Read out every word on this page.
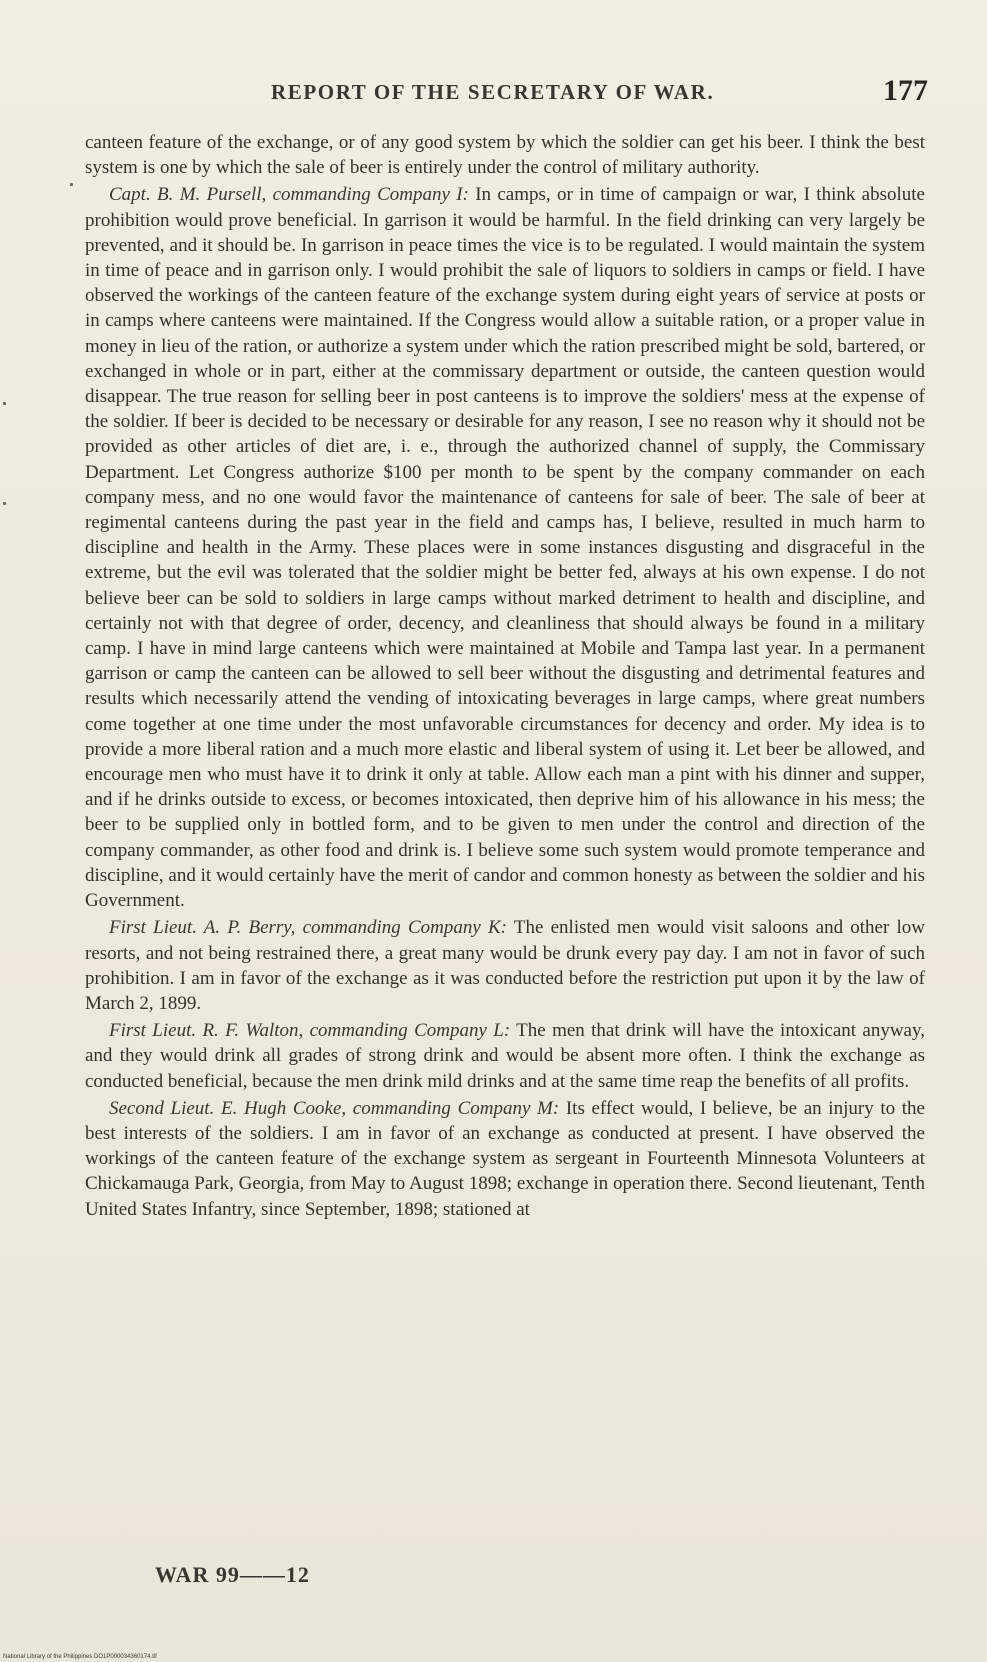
REPORT OF THE SECRETARY OF WAR.	177

canteen feature of the exchange, or of any good system by which the soldier can get his beer. I think the best system is one by which the sale of beer is entirely under the control of military authority.

Capt. B. M. Pursell, commanding Company I: In camps, or in time of campaign or war, I think absolute prohibition would prove beneficial. In garrison it would be harmful. In the field drinking can very largely be prevented, and it should be. In garrison in peace times the vice is to be regulated. I would maintain the system in time of peace and in garrison only. I would prohibit the sale of liquors to soldiers in camps or field. I have observed the workings of the canteen feature of the exchange system during eight years of service at posts or in camps where canteens were maintained. If the Congress would allow a suitable ration, or a proper value in money in lieu of the ration, or authorize a system under which the ration prescribed might be sold, bartered, or exchanged in whole or in part, either at the commissary department or outside, the canteen question would disappear. The true reason for selling beer in post canteens is to improve the soldiers' mess at the expense of the soldier. If beer is decided to be necessary or desirable for any reason, I see no reason why it should not be provided as other articles of diet are, i. e., through the authorized channel of supply, the Commissary Department. Let Congress authorize $100 per month to be spent by the company commander on each company mess, and no one would favor the maintenance of canteens for sale of beer. The sale of beer at regimental canteens during the past year in the field and camps has, I believe, resulted in much harm to discipline and health in the Army. These places were in some instances disgusting and disgraceful in the extreme, but the evil was tolerated that the soldier might be better fed, always at his own expense. I do not believe beer can be sold to soldiers in large camps without marked detriment to health and discipline, and certainly not with that degree of order, decency, and cleanliness that should always be found in a military camp. I have in mind large canteens which were maintained at Mobile and Tampa last year. In a permanent garrison or camp the canteen can be allowed to sell beer without the disgusting and detrimental features and results which necessarily attend the vending of intoxicating beverages in large camps, where great numbers come together at one time under the most unfavorable circumstances for decency and order. My idea is to provide a more liberal ration and a much more elastic and liberal system of using it. Let beer be allowed, and encourage men who must have it to drink it only at table. Allow each man a pint with his dinner and supper, and if he drinks outside to excess, or becomes intoxicated, then deprive him of his allowance in his mess; the beer to be supplied only in bottled form, and to be given to men under the control and direction of the company commander, as other food and drink is. I believe some such system would promote temperance and discipline, and it would certainly have the merit of candor and common honesty as between the soldier and his Government.

First Lieut. A. P. Berry, commanding Company K: The enlisted men would visit saloons and other low resorts, and not being restrained there, a great many would be drunk every pay day. I am not in favor of such prohibition. I am in favor of the exchange as it was conducted before the restriction put upon it by the law of March 2, 1899.

First Lieut. R. F. Walton, commanding Company L: The men that drink will have the intoxicant anyway, and they would drink all grades of strong drink and would be absent more often. I think the exchange as conducted beneficial, because the men drink mild drinks and at the same time reap the benefits of all profits.

Second Lieut. E. Hugh Cooke, commanding Company M: Its effect would, I believe, be an injury to the best interests of the soldiers. I am in favor of an exchange as conducted at present. I have observed the workings of the canteen feature of the exchange system as sergeant in Fourteenth Minnesota Volunteers at Chickamauga Park, Georgia, from May to August 1898; exchange in operation there. Second lieutenant, Tenth United States Infantry, since September, 1898; stationed at

WAR 99——12
National Library of the Philippines DO1P000034360174.tif
